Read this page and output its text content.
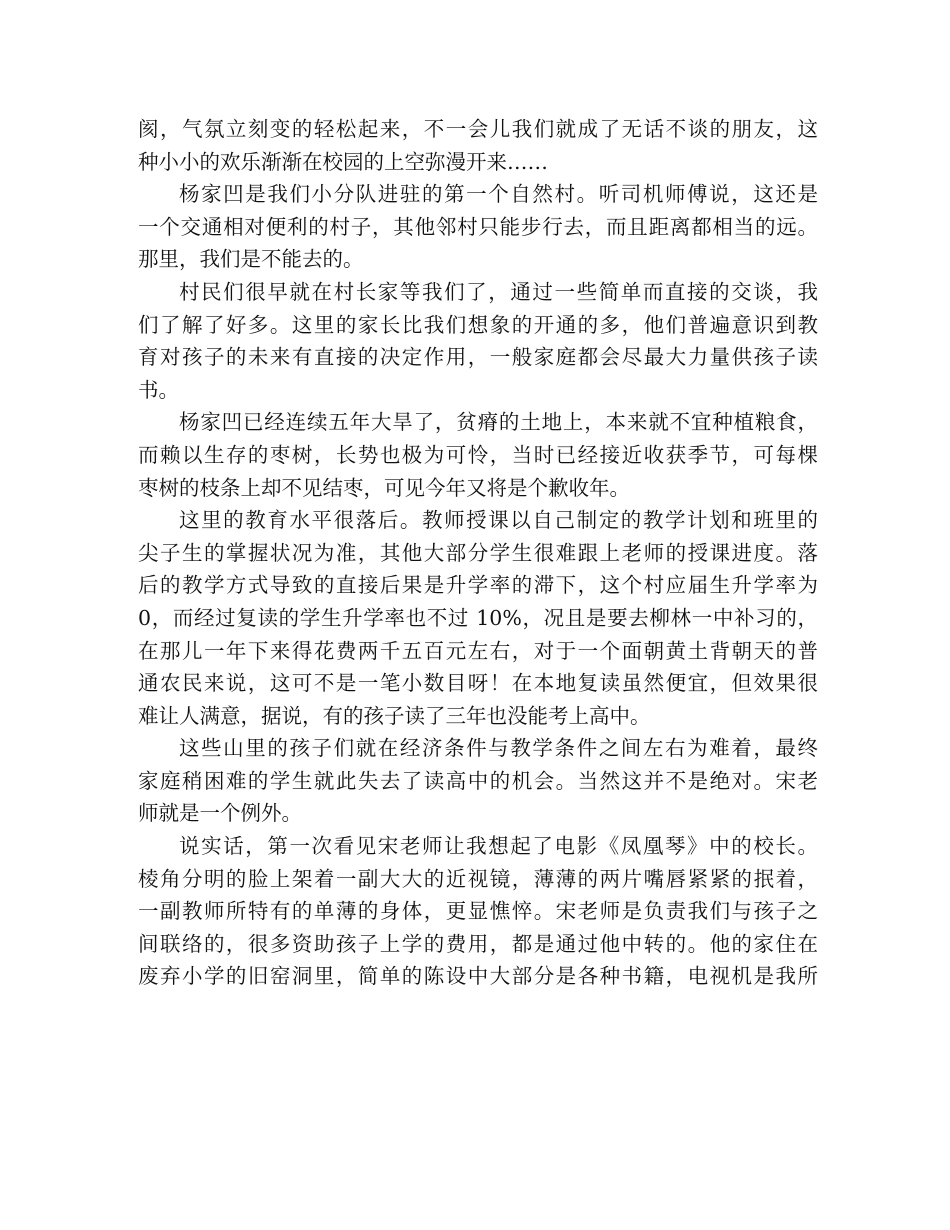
阂，气氛立刻变的轻松起来，不一会儿我们就成了无话不谈的朋友，这
种小小的欢乐渐渐在校园的上空弥漫开来……
杨家凹是我们小分队进驻的第一个自然村。听司机师傅说，这还是
一个交通相对便利的村子，其他邻村只能步行去，而且距离都相当的远。
那里，我们是不能去的。
村民们很早就在村长家等我们了，通过一些简单而直接的交谈，我
们了解了好多。这里的家长比我们想象的开通的多，他们普遍意识到教
育对孩子的未来有直接的决定作用，一般家庭都会尽最大力量供孩子读
书。
杨家凹已经连续五年大旱了，贫瘠的土地上，本来就不宜种植粮食，
而赖以生存的枣树，长势也极为可怜，当时已经接近收获季节，可每棵
枣树的枝条上却不见结枣，可见今年又将是个歉收年。
这里的教育水平很落后。教师授课以自己制定的教学计划和班里的
尖子生的掌握状况为准，其他大部分学生很难跟上老师的授课进度。落
后的教学方式导致的直接后果是升学率的滞下，这个村应届生升学率为
0，而经过复读的学生升学率也不过 10%，况且是要去柳林一中补习的，
在那儿一年下来得花费两千五百元左右，对于一个面朝黄土背朝天的普
通农民来说，这可不是一笔小数目呀！在本地复读虽然便宜，但效果很
难让人满意，据说，有的孩子读了三年也没能考上高中。
这些山里的孩子们就在经济条件与教学条件之间左右为难着，最终
家庭稍困难的学生就此失去了读高中的机会。当然这并不是绝对。宋老
师就是一个例外。
说实话，第一次看见宋老师让我想起了电影《凤凰琴》中的校长。
棱角分明的脸上架着一副大大的近视镜，薄薄的两片嘴唇紧紧的抿着，
一副教师所特有的单薄的身体，更显憔悴。宋老师是负责我们与孩子之
间联络的，很多资助孩子上学的费用，都是通过他中转的。他的家住在
废弃小学的旧窑洞里，简单的陈设中大部分是各种书籍，电视机是我所
